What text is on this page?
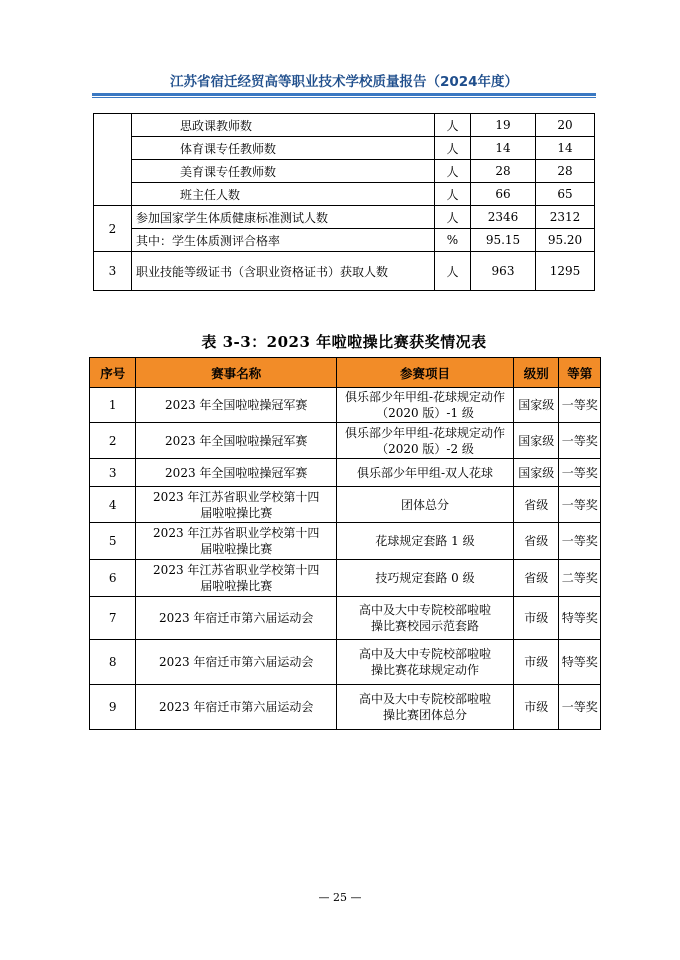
江苏省宿迁经贸高等职业技术学校质量报告（2024年度）
	思政课教师数	人	19	20
	体育课专任教师数	人	14	14
	美育课专任教师数	人	28	28
	班主任人数	人	66	65
2	参加国家学生体质健康标准测试人数	人	2346	2312
	其中：学生体质测评合格率	%	95.15	95.20
3	职业技能等级证书（含职业资格证书）获取人数	人	963	1295
表 3-3：2023 年啦啦操比赛获奖情况表
序号	赛事名称	参赛项目	级别	等第
1	2023 年全国啦啦操冠军赛	俱乐部少年甲组-花球规定动作（2020 版）-1 级	国家级	一等奖
2	2023 年全国啦啦操冠军赛	俱乐部少年甲组-花球规定动作（2020 版）-2 级	国家级	一等奖
3	2023 年全国啦啦操冠军赛	俱乐部少年甲组-双人花球	国家级	一等奖
4	2023 年江苏省职业学校第十四届啦啦操比赛	团体总分	省级	一等奖
5	2023 年江苏省职业学校第十四届啦啦操比赛	花球规定套路 1 级	省级	一等奖
6	2023 年江苏省职业学校第十四届啦啦操比赛	技巧规定套路 0 级	省级	二等奖
7	2023 年宿迁市第六届运动会	高中及大中专院校部啦啦操比赛校园示范套路	市级	特等奖
8	2023 年宿迁市第六届运动会	高中及大中专院校部啦啦操比赛花球规定动作	市级	特等奖
9	2023 年宿迁市第六届运动会	高中及大中专院校部啦啦操比赛团体总分	市级	一等奖
— 25 —
